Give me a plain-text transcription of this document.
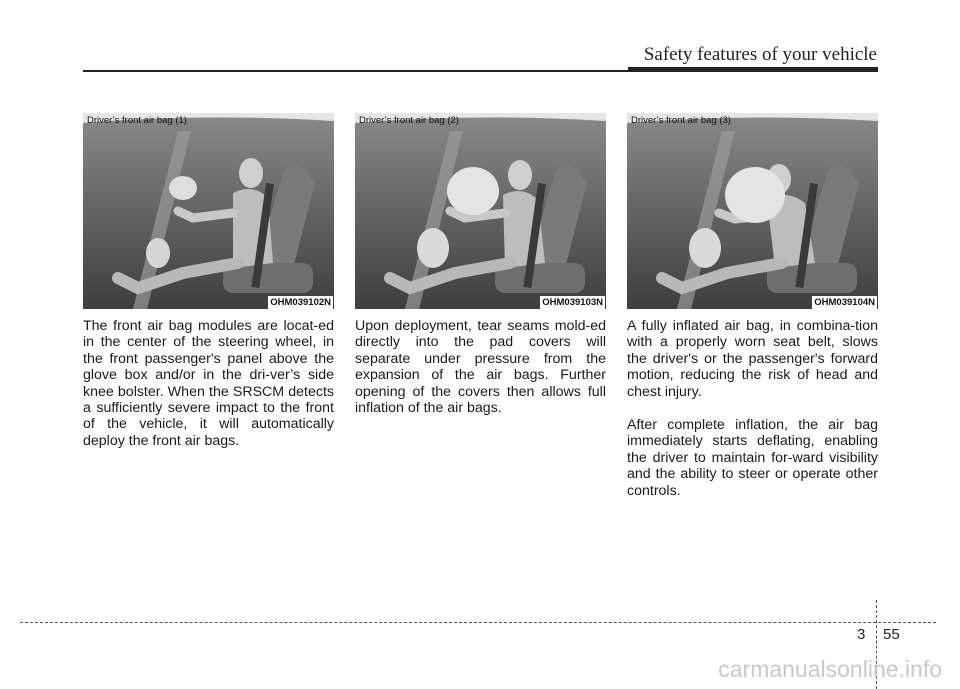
Safety features of your vehicle
Driver’s front air bag (1)
OHM039102N
Driver’s front air bag (2)
OHM039103N
Driver’s front air bag (3)
OHM039104N

The front air bag modules are locat-ed in the center of the steering wheel, in the front passenger's panel above the glove box and/or in the dri-ver’s side knee bolster. When the SRSCM detects a sufficiently severe impact to the front of the vehicle, it will automatically deploy the front air bags.

Upon deployment, tear seams mold-ed directly into the pad covers will separate under pressure from the expansion of the air bags. Further opening of the covers then allows full inflation of the air bags.

A fully inflated air bag, in combina-tion with a properly worn seat belt, slows the driver's or the passenger's forward motion, reducing the risk of head and chest injury.

After complete inflation, the air bag immediately starts deflating, enabling the driver to maintain for-ward visibility and the ability to steer or operate other controls.

3 55
carmanualsonline.info
